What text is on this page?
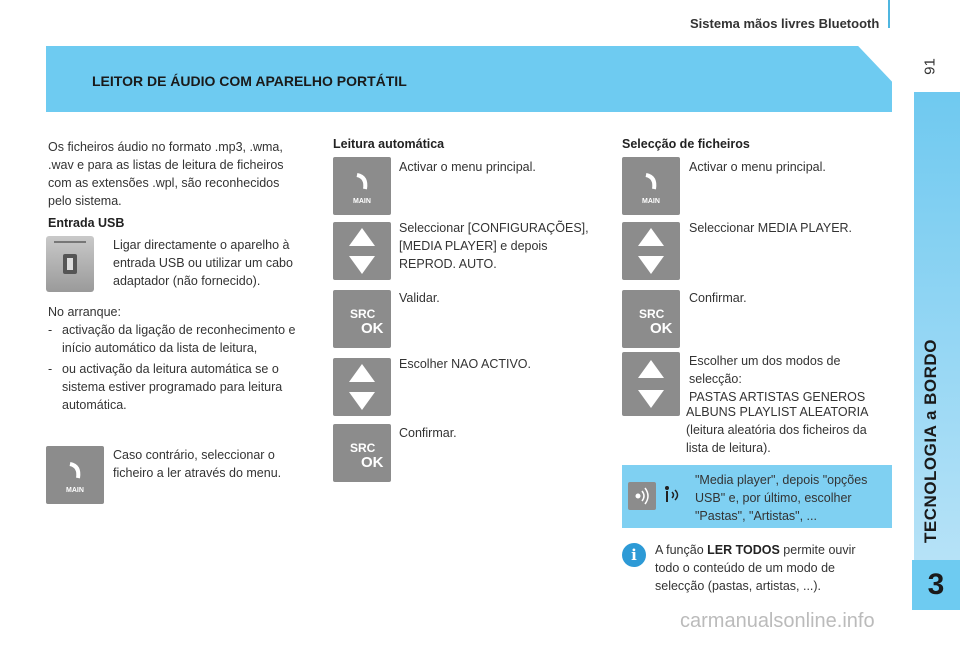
Sistema mãos livres Bluetooth
91
LEITOR DE ÁUDIO COM APARELHO PORTÁTIL
TECNOLOGIA a BORDO
3
Os ficheiros áudio no formato .mp3, .wma,
.wav e para as listas de leitura de ficheiros
com as extensões .wpl, são reconhecidos
pelo sistema.
Entrada USB
Ligar directamente o aparelho à
entrada USB ou utilizar um cabo
adaptador (não fornecido).
No arranque:
- activação da ligação de reconhecimento e
início automático da lista de leitura,
- ou activação da leitura automática se o
sistema estiver programado para leitura
automática.
MAIN
Caso contrário, seleccionar o
ficheiro a ler através do menu.
Leitura automática
MAIN
Activar o menu principal.
Seleccionar [CONFIGURAÇÕES],
[MEDIA PLAYER] e depois
REPROD. AUTO.
SRC
OK
Validar.
Escolher NAO ACTIVO.
SRC
OK
Confirmar.
Selecção de ficheiros
MAIN
Activar o menu principal.
Seleccionar MEDIA PLAYER.
SRC
OK
Confirmar.
Escolher um dos modos de
selecção:
PASTAS ARTISTAS GENEROS
ALBUNS PLAYLIST ALEATORIA
(leitura aleatória dos ficheiros da
lista de leitura).
"Media player", depois "opções
USB" e, por último, escolher
"Pastas", "Artistas", ...
i	A função LER TODOS permite ouvir
todo o conteúdo de um modo de
selecção (pastas, artistas, ...).
carmanualsonline.info
